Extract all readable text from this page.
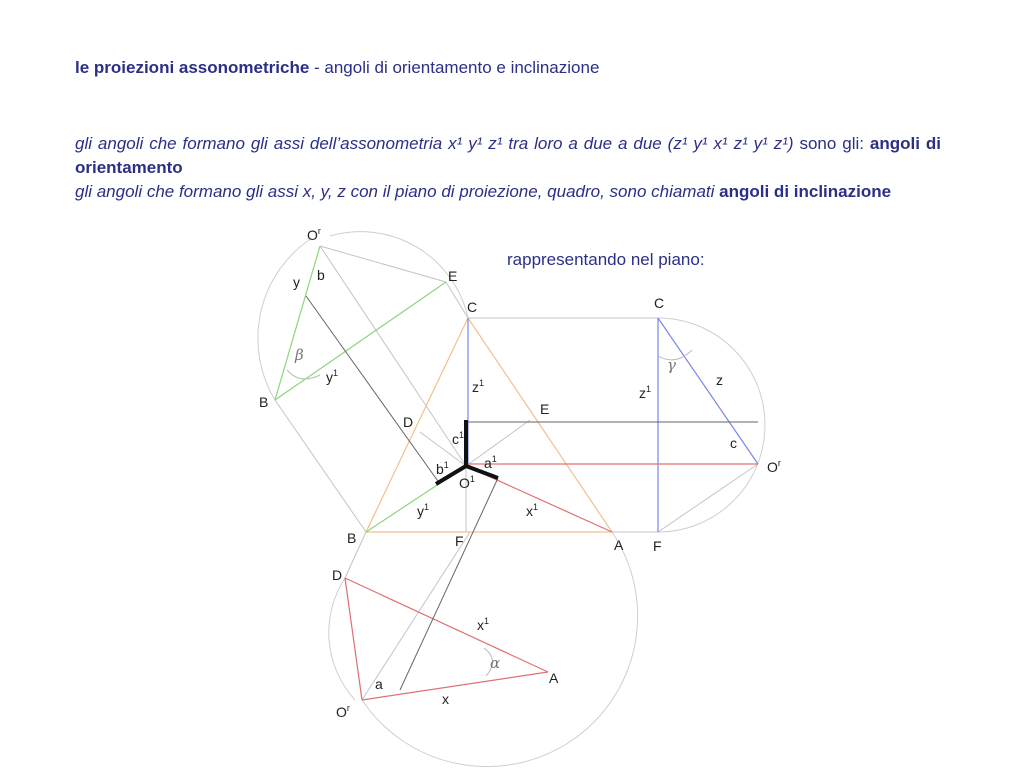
le proiezioni assonometriche - angoli di orientamento e inclinazione
gli angoli che formano gli assi dell’assonometria x¹ y¹ z¹ tra loro a due a due (z¹ y¹ x¹ z¹ y¹ z¹) sono gli: angoli di orientamento
gli angoli che formano gli assi x, y, z con il piano di proiezione, quadro, sono chiamati angoli di inclinazione
rappresentando nel piano:
$O^r$
y b	E
C
β
$y^1$
B
$z^1$
E
D
$c^1$
$b^1$	$a^1$
$O^1$
$y^1$	$x^1$
B	F	A
C
γ
z
$z^1$
c
$O^r$
F
D
$x^1$
α
A
a
x
$O^r$
